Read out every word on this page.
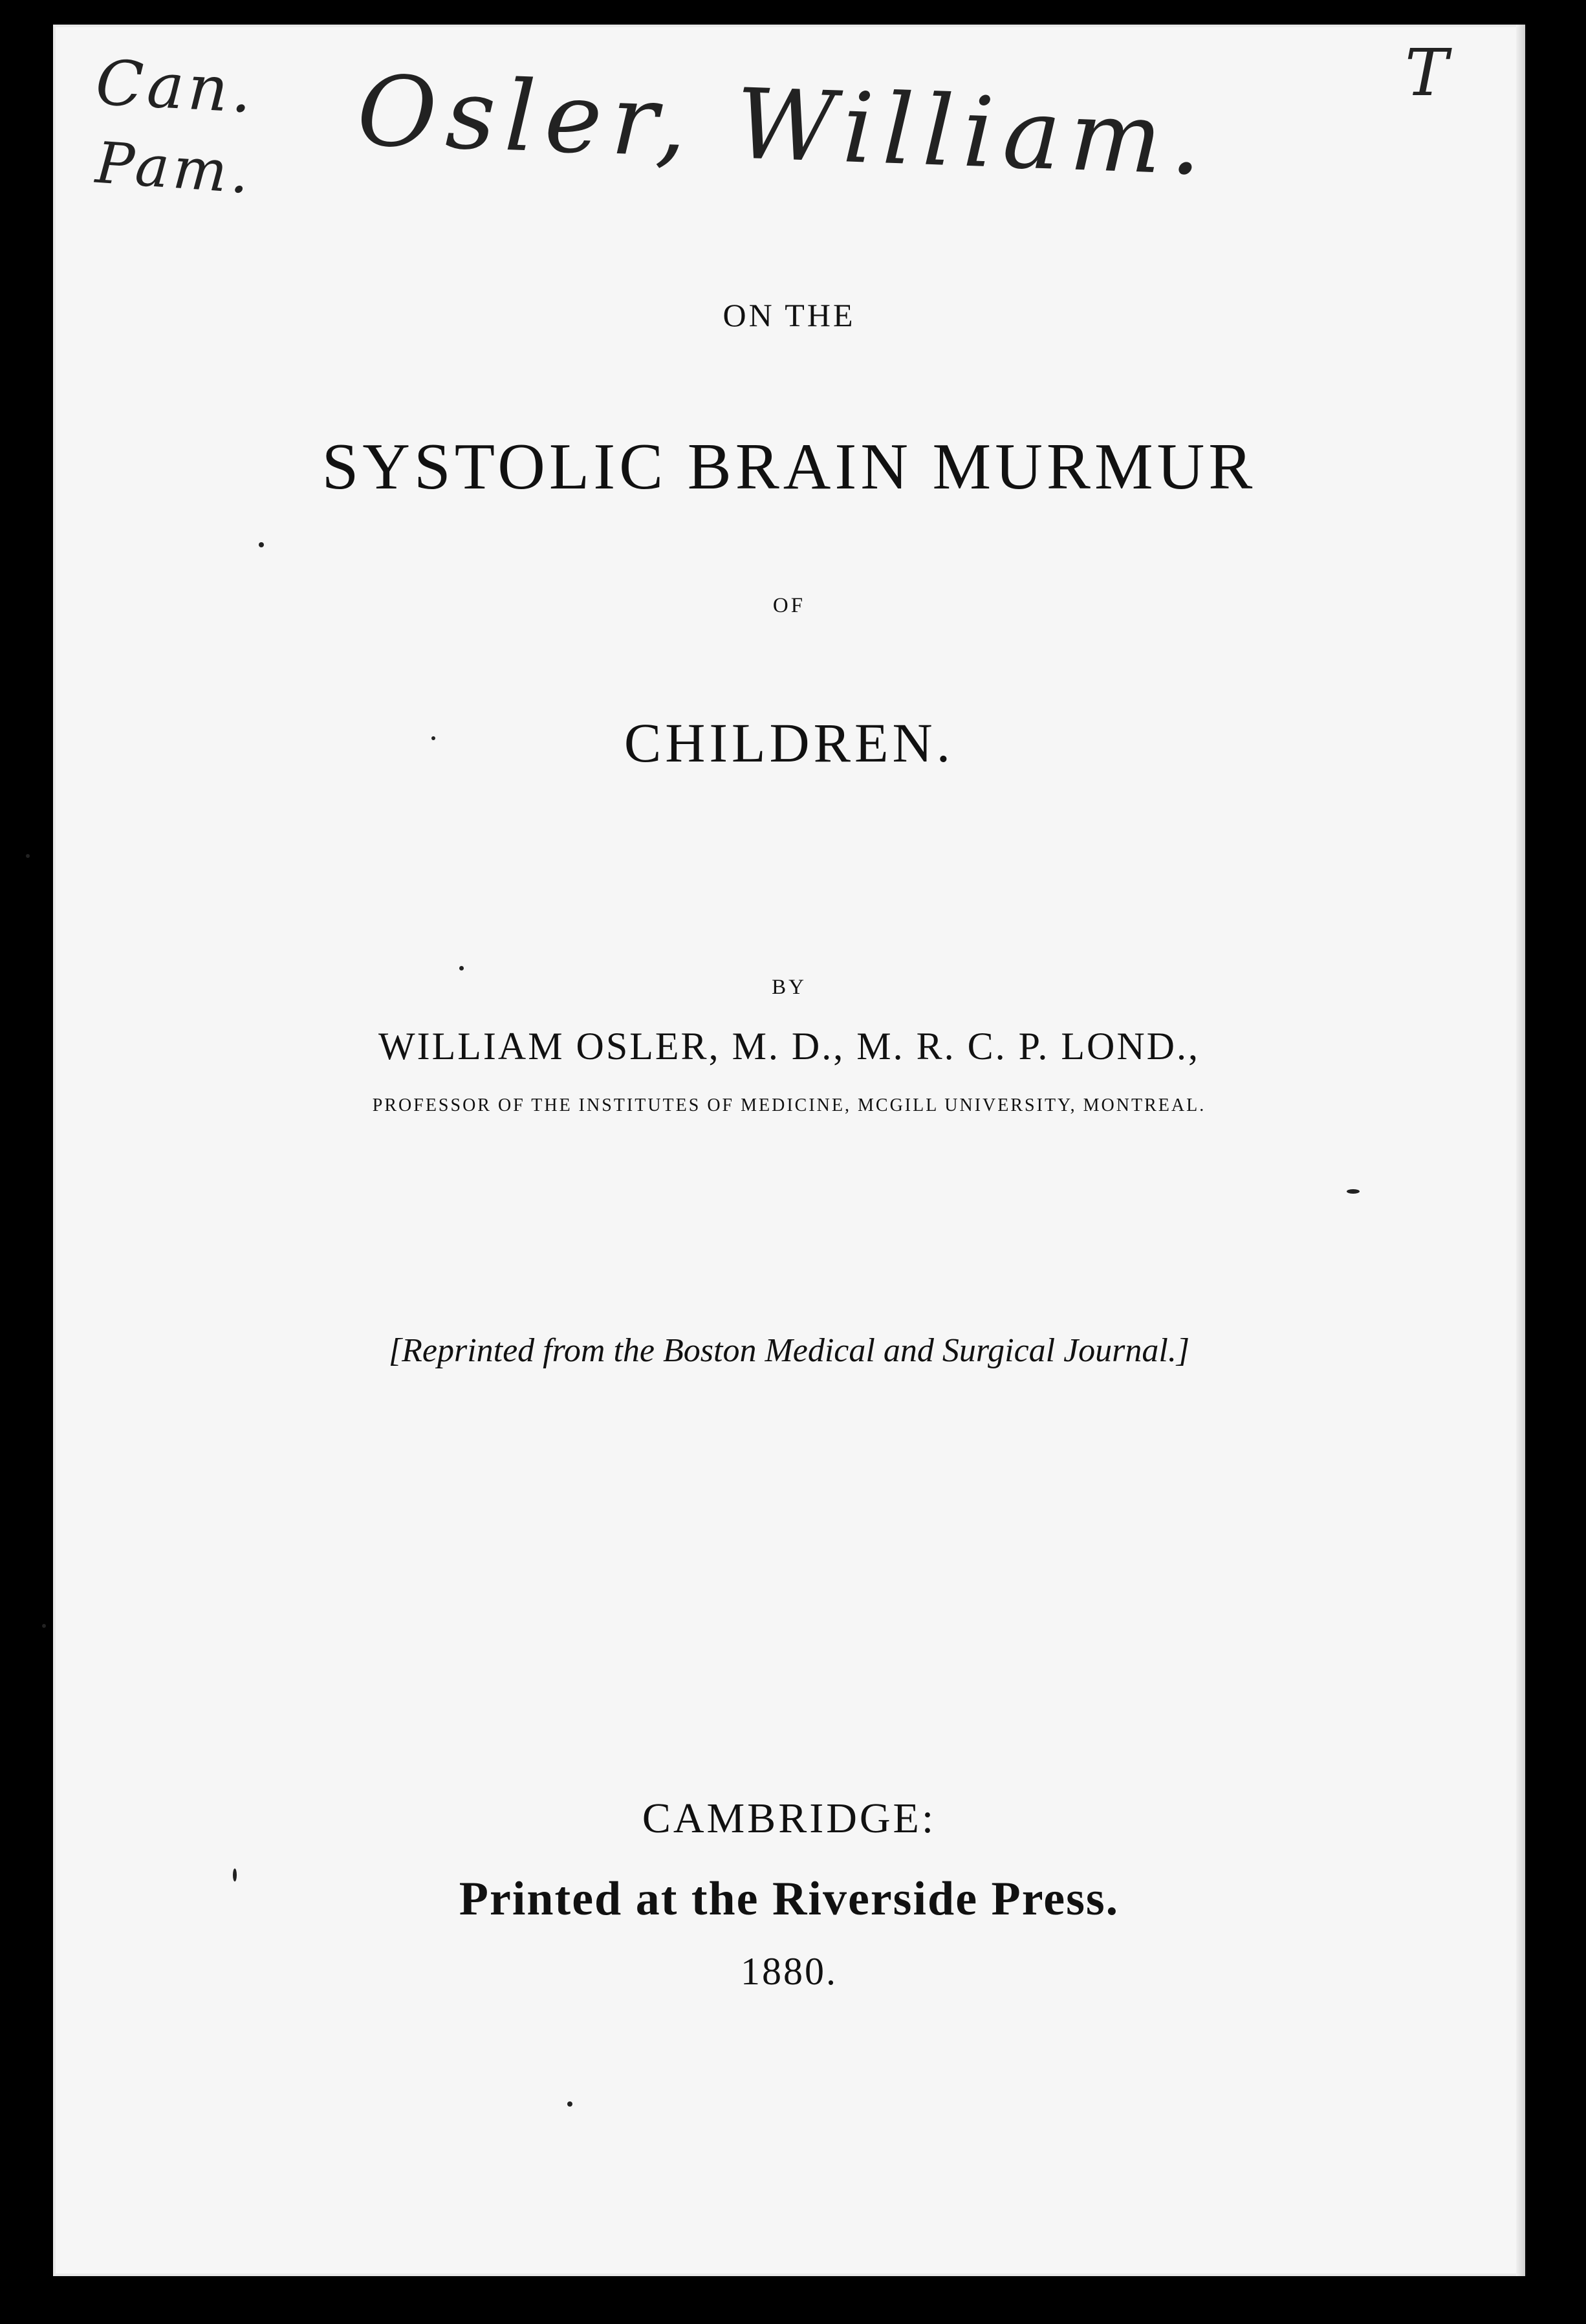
Can.
Pam. Osler, William.	T
ON THE
SYSTOLIC BRAIN MURMUR
OF
CHILDREN.
BY
WILLIAM OSLER, M. D., M. R. C. P. LOND.,
PROFESSOR OF THE INSTITUTES OF MEDICINE, MCGILL UNIVERSITY, MONTREAL.
[Reprinted from the Boston Medical and Surgical Journal.]
CAMBRIDGE:
Printed at the Riverside Press.
1880.
